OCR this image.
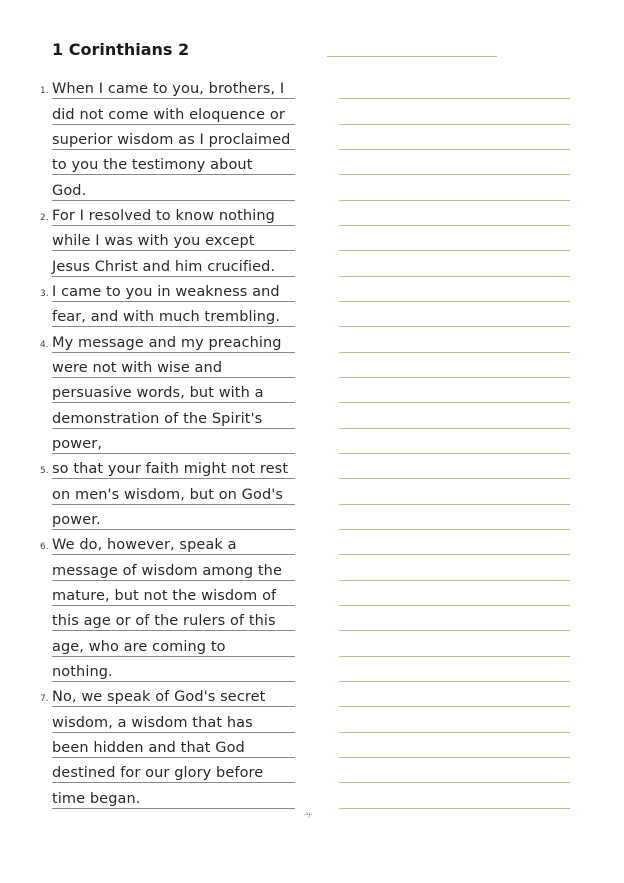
1 Corinthians 2
1. When I came to you, brothers, I
did not come with eloquence or
superior wisdom as I proclaimed
to you the testimony about
God.
2. For I resolved to know nothing
while I was with you except
Jesus Christ and him crucified.
3. I came to you in weakness and
fear, and with much trembling.
4. My message and my preaching
were not with wise and
persuasive words, but with a
demonstration of the Spirit's
power,
5. so that your faith might not rest
on men's wisdom, but on God's
power.
6. We do, however, speak a
message of wisdom among the
mature, but not the wisdom of
this age or of the rulers of this
age, who are coming to
nothing.
7. No, we speak of God's secret
wisdom, a wisdom that has
been hidden and that God
destined for our glory before
time began.
·¹/·
